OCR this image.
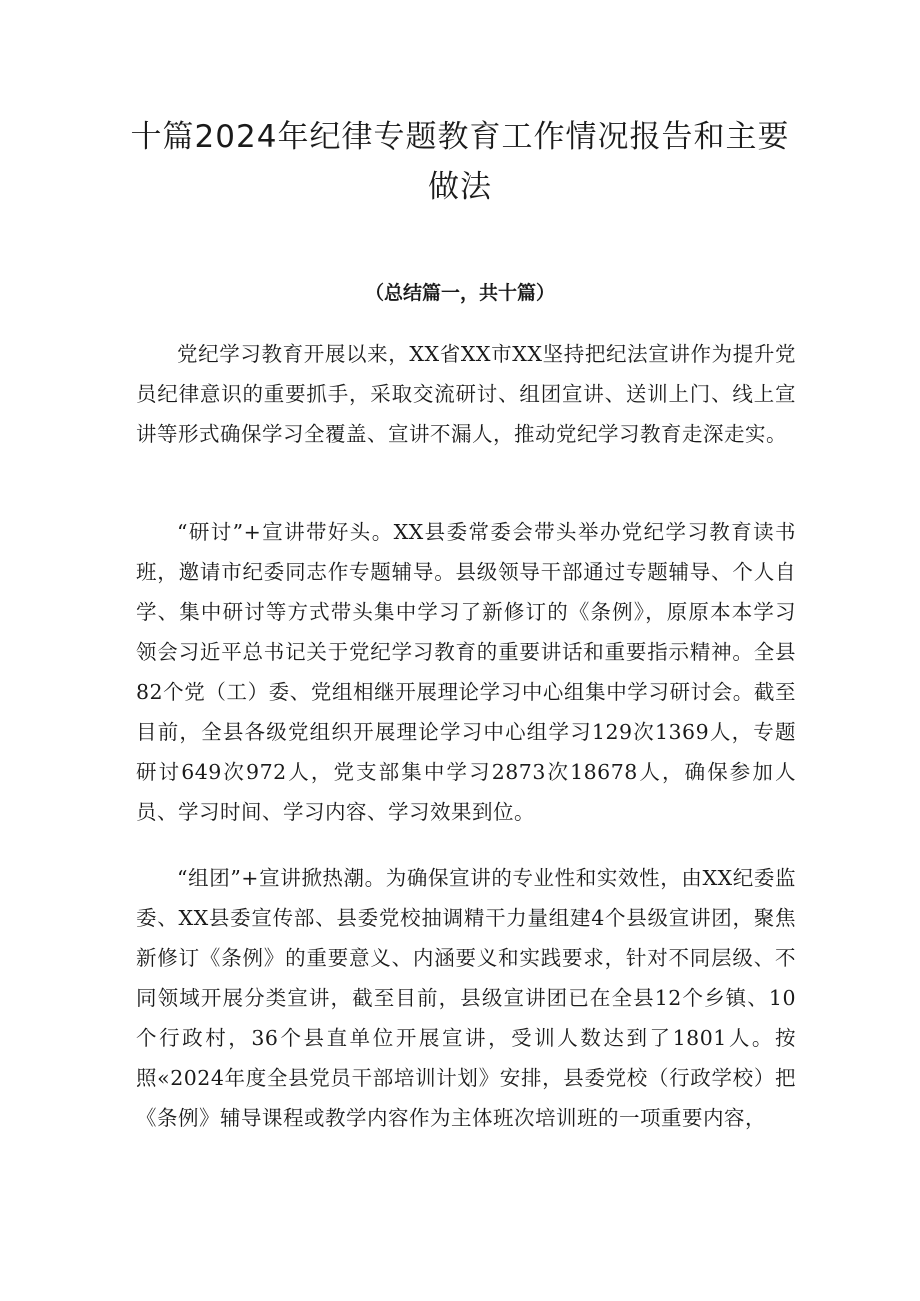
十篇2024年纪律专题教育工作情况报告和主要做法
（总结篇一，共十篇）

党纪学习教育开展以来，XX省XX市XX坚持把纪法宣讲作为提升党员纪律意识的重要抓手，采取交流研讨、组团宣讲、送训上门、线上宣讲等形式确保学习全覆盖、宣讲不漏人，推动党纪学习教育走深走实。

“研讨”+宣讲带好头。XX县委常委会带头举办党纪学习教育读书班，邀请市纪委同志作专题辅导。县级领导干部通过专题辅导、个人自学、集中研讨等方式带头集中学习了新修订的《条例》，原原本本学习领会习近平总书记关于党纪学习教育的重要讲话和重要指示精神。全县82个党（工）委、党组相继开展理论学习中心组集中学习研讨会。截至目前，全县各级党组织开展理论学习中心组学习129次1369人，专题研讨649次972人，党支部集中学习2873次18678人，确保参加人员、学习时间、学习内容、学习效果到位。

“组团”+宣讲掀热潮。为确保宣讲的专业性和实效性，由XX纪委监委、XX县委宣传部、县委党校抽调精干力量组建4个县级宣讲团，聚焦新修订《条例》的重要意义、内涵要义和实践要求，针对不同层级、不同领域开展分类宣讲，截至目前，县级宣讲团已在全县12个乡镇、10个行政村，36个县直单位开展宣讲，受训人数达到了1801人。按照«2024年度全县党员干部培训计划》安排，县委党校（行政学校）把《条例》辅导课程或教学内容作为主体班次培训班的一项重要内容，
